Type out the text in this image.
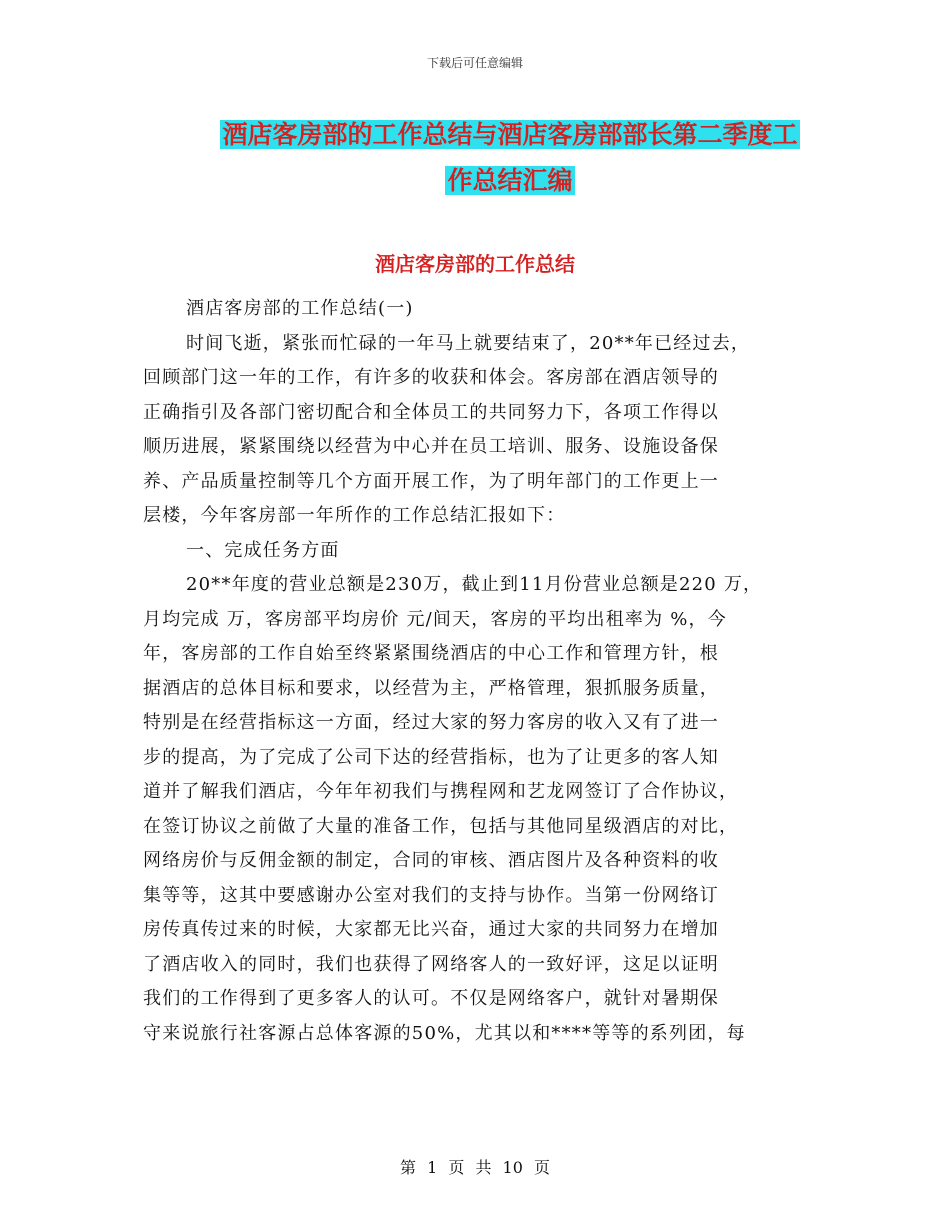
下载后可任意编辑
酒店客房部的工作总结与酒店客房部部长第二季度工
作总结汇编
酒店客房部的工作总结
酒店客房部的工作总结(一)
时间飞逝，紧张而忙碌的一年马上就要结束了，20**年已经过去，
回顾部门这一年的工作，有许多的收获和体会。客房部在酒店领导的
正确指引及各部门密切配合和全体员工的共同努力下，各项工作得以
顺历进展，紧紧围绕以经营为中心并在员工培训、服务、设施设备保
养、产品质量控制等几个方面开展工作，为了明年部门的工作更上一
层楼，今年客房部一年所作的工作总结汇报如下：
一、完成任务方面
20**年度的营业总额是230万，截止到11月份营业总额是220 万，
月均完成 万，客房部平均房价 元/间天，客房的平均出租率为 %，今
年，客房部的工作自始至终紧紧围绕酒店的中心工作和管理方针，根
据酒店的总体目标和要求，以经营为主，严格管理，狠抓服务质量，
特别是在经营指标这一方面，经过大家的努力客房的收入又有了进一
步的提高，为了完成了公司下达的经营指标，也为了让更多的客人知
道并了解我们酒店，今年年初我们与携程网和艺龙网签订了合作协议，
在签订协议之前做了大量的准备工作，包括与其他同星级酒店的对比，
网络房价与反佣金额的制定，合同的审核、酒店图片及各种资料的收
集等等，这其中要感谢办公室对我们的支持与协作。当第一份网络订
房传真传过来的时候，大家都无比兴奋，通过大家的共同努力在增加
了酒店收入的同时，我们也获得了网络客人的一致好评，这足以证明
我们的工作得到了更多客人的认可。不仅是网络客户，就针对暑期保
守来说旅行社客源占总体客源的50%，尤其以和****等等的系列团，每
第 1 页 共 10 页
